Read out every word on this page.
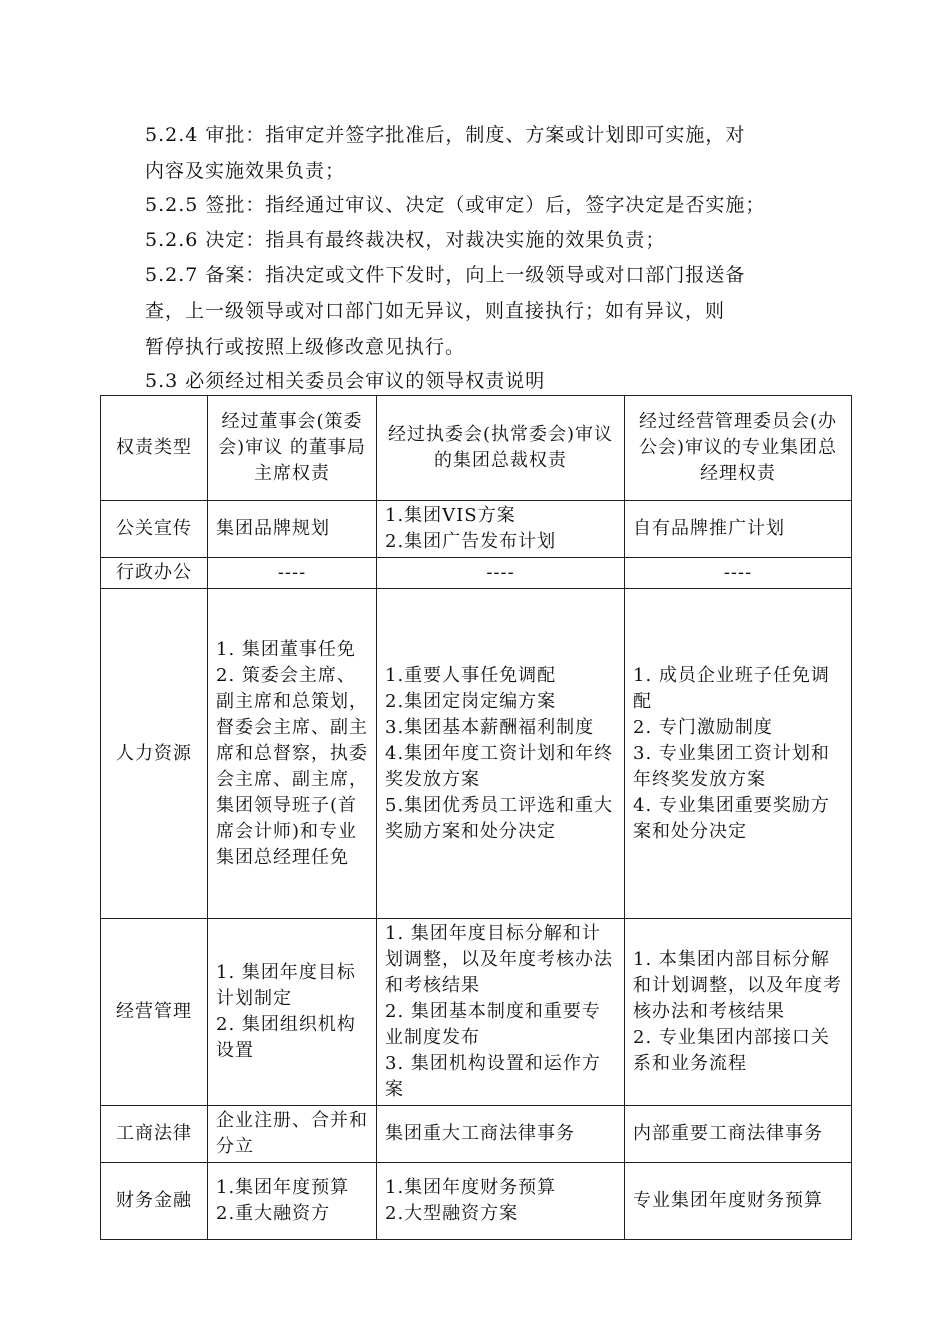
5.2.4 审批：指审定并签字批准后，制度、方案或计划即可实施，对
内容及实施效果负责；
5.2.5 签批：指经通过审议、决定（或审定）后，签字决定是否实施；
5.2.6 决定：指具有最终裁决权，对裁决实施的效果负责；
5.2.7 备案：指决定或文件下发时，向上一级领导或对口部门报送备
查，上一级领导或对口部门如无异议，则直接执行；如有异议，则
暂停执行或按照上级修改意见执行。
5.3 必须经过相关委员会审议的领导权责说明
权责类型	经过董事会(策委会)审议 的董事局主席权责	经过执委会(执常委会)审议的集团总裁权责	经过经营管理委员会(办公会)审议的专业集团总经理权责
公关宣传	集团品牌规划	1.集团VIS方案
2.集团广告发布计划	自有品牌推广计划

行政办公	----	----	----
人力资源	1. 集团董事任免
2. 策委会主席、副主席和总策划，督委会主席、副主席和总督察，执委会主席、副主席，集团领导班子(首席会计师)和专业集团总经理任免	1.重要人事任免调配
2.集团定岗定编方案
3.集团基本薪酬福利制度
4.集团年度工资计划和年终奖发放方案
5.集团优秀员工评选和重大奖励方案和处分决定	1. 成员企业班子任免调配
2. 专门激励制度
3. 专业集团工资计划和年终奖发放方案
4. 专业集团重要奖励方案和处分决定

经营管理	1. 集团年度目标计划制定
2. 集团组织机构设置	1. 集团年度目标分解和计划调整，以及年度考核办法和考核结果
2. 集团基本制度和重要专业制度发布
3. 集团机构设置和运作方案	1. 本集团内部目标分解和计划调整，以及年度考核办法和考核结果
2. 专业集团内部接口关系和业务流程

工商法律	企业注册、合并和分立	集团重大工商法律事务	内部重要工商法律事务
财务金融	1.集团年度预算
2.重大融资方	1.集团年度财务预算
2.大型融资方案	专业集团年度财务预算
